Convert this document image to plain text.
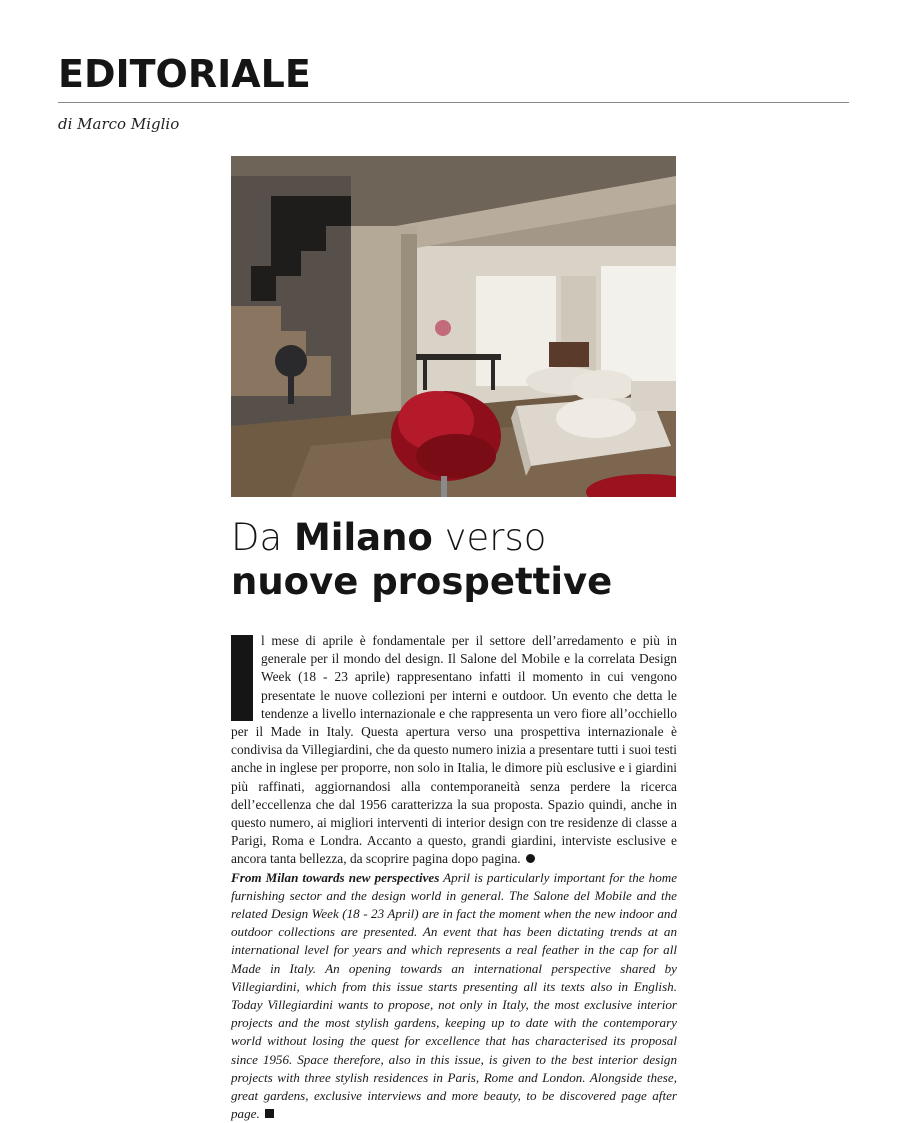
EDITORIALE

di Marco Miglio

Da Milano verso
nuove prospettive

l mese di aprile è fondamentale per il settore dell’arredamento e più in generale per il mondo del design. Il Salone del Mobile e la correlata Design Week (18 - 23 aprile) rappresentano infatti il momento in cui vengono presentate le nuove collezioni per interni e outdoor. Un evento che detta le tendenze a livello internazionale e che rappresenta un vero fiore all’occhiello per il Made in Italy. Questa apertura verso una prospettiva internazionale è condivisa da Villegiardini, che da questo numero inizia a presentare tutti i suoi testi anche in inglese per proporre, non solo in Italia, le dimore più esclusive e i giardini più raffinati, aggiornandosi alla contemporaneità senza perdere la ricerca dell’eccellenza che dal 1956 caratterizza la sua proposta. Spazio quindi, anche in questo numero, ai migliori interventi di interior design con tre residenze di classe a Parigi, Roma e Londra. Accanto a questo, grandi giardini, interviste esclusive e ancora tanta bellezza, da scoprire pagina dopo pagina.

From Milan towards new perspectives April is particularly important for the home furnishing sector and the design world in general. The Salone del Mobile and the related Design Week (18 - 23 April) are in fact the moment when the new indoor and outdoor collections are presented. An event that has been dictating trends at an international level for years and which represents a real feather in the cap for all Made in Italy. An opening towards an international perspective shared by Villegiardini, which from this issue starts presenting all its texts also in English. Today Villegiardini wants to propose, not only in Italy, the most exclusive interior projects and the most stylish gardens, keeping up to date with the contemporary world without losing the quest for excellence that has characterised its proposal since 1956. Space therefore, also in this issue, is given to the best interior design projects with three stylish residences in Paris, Rome and London. Alongside these, great gardens, exclusive interviews and more beauty, to be discovered page after page.
